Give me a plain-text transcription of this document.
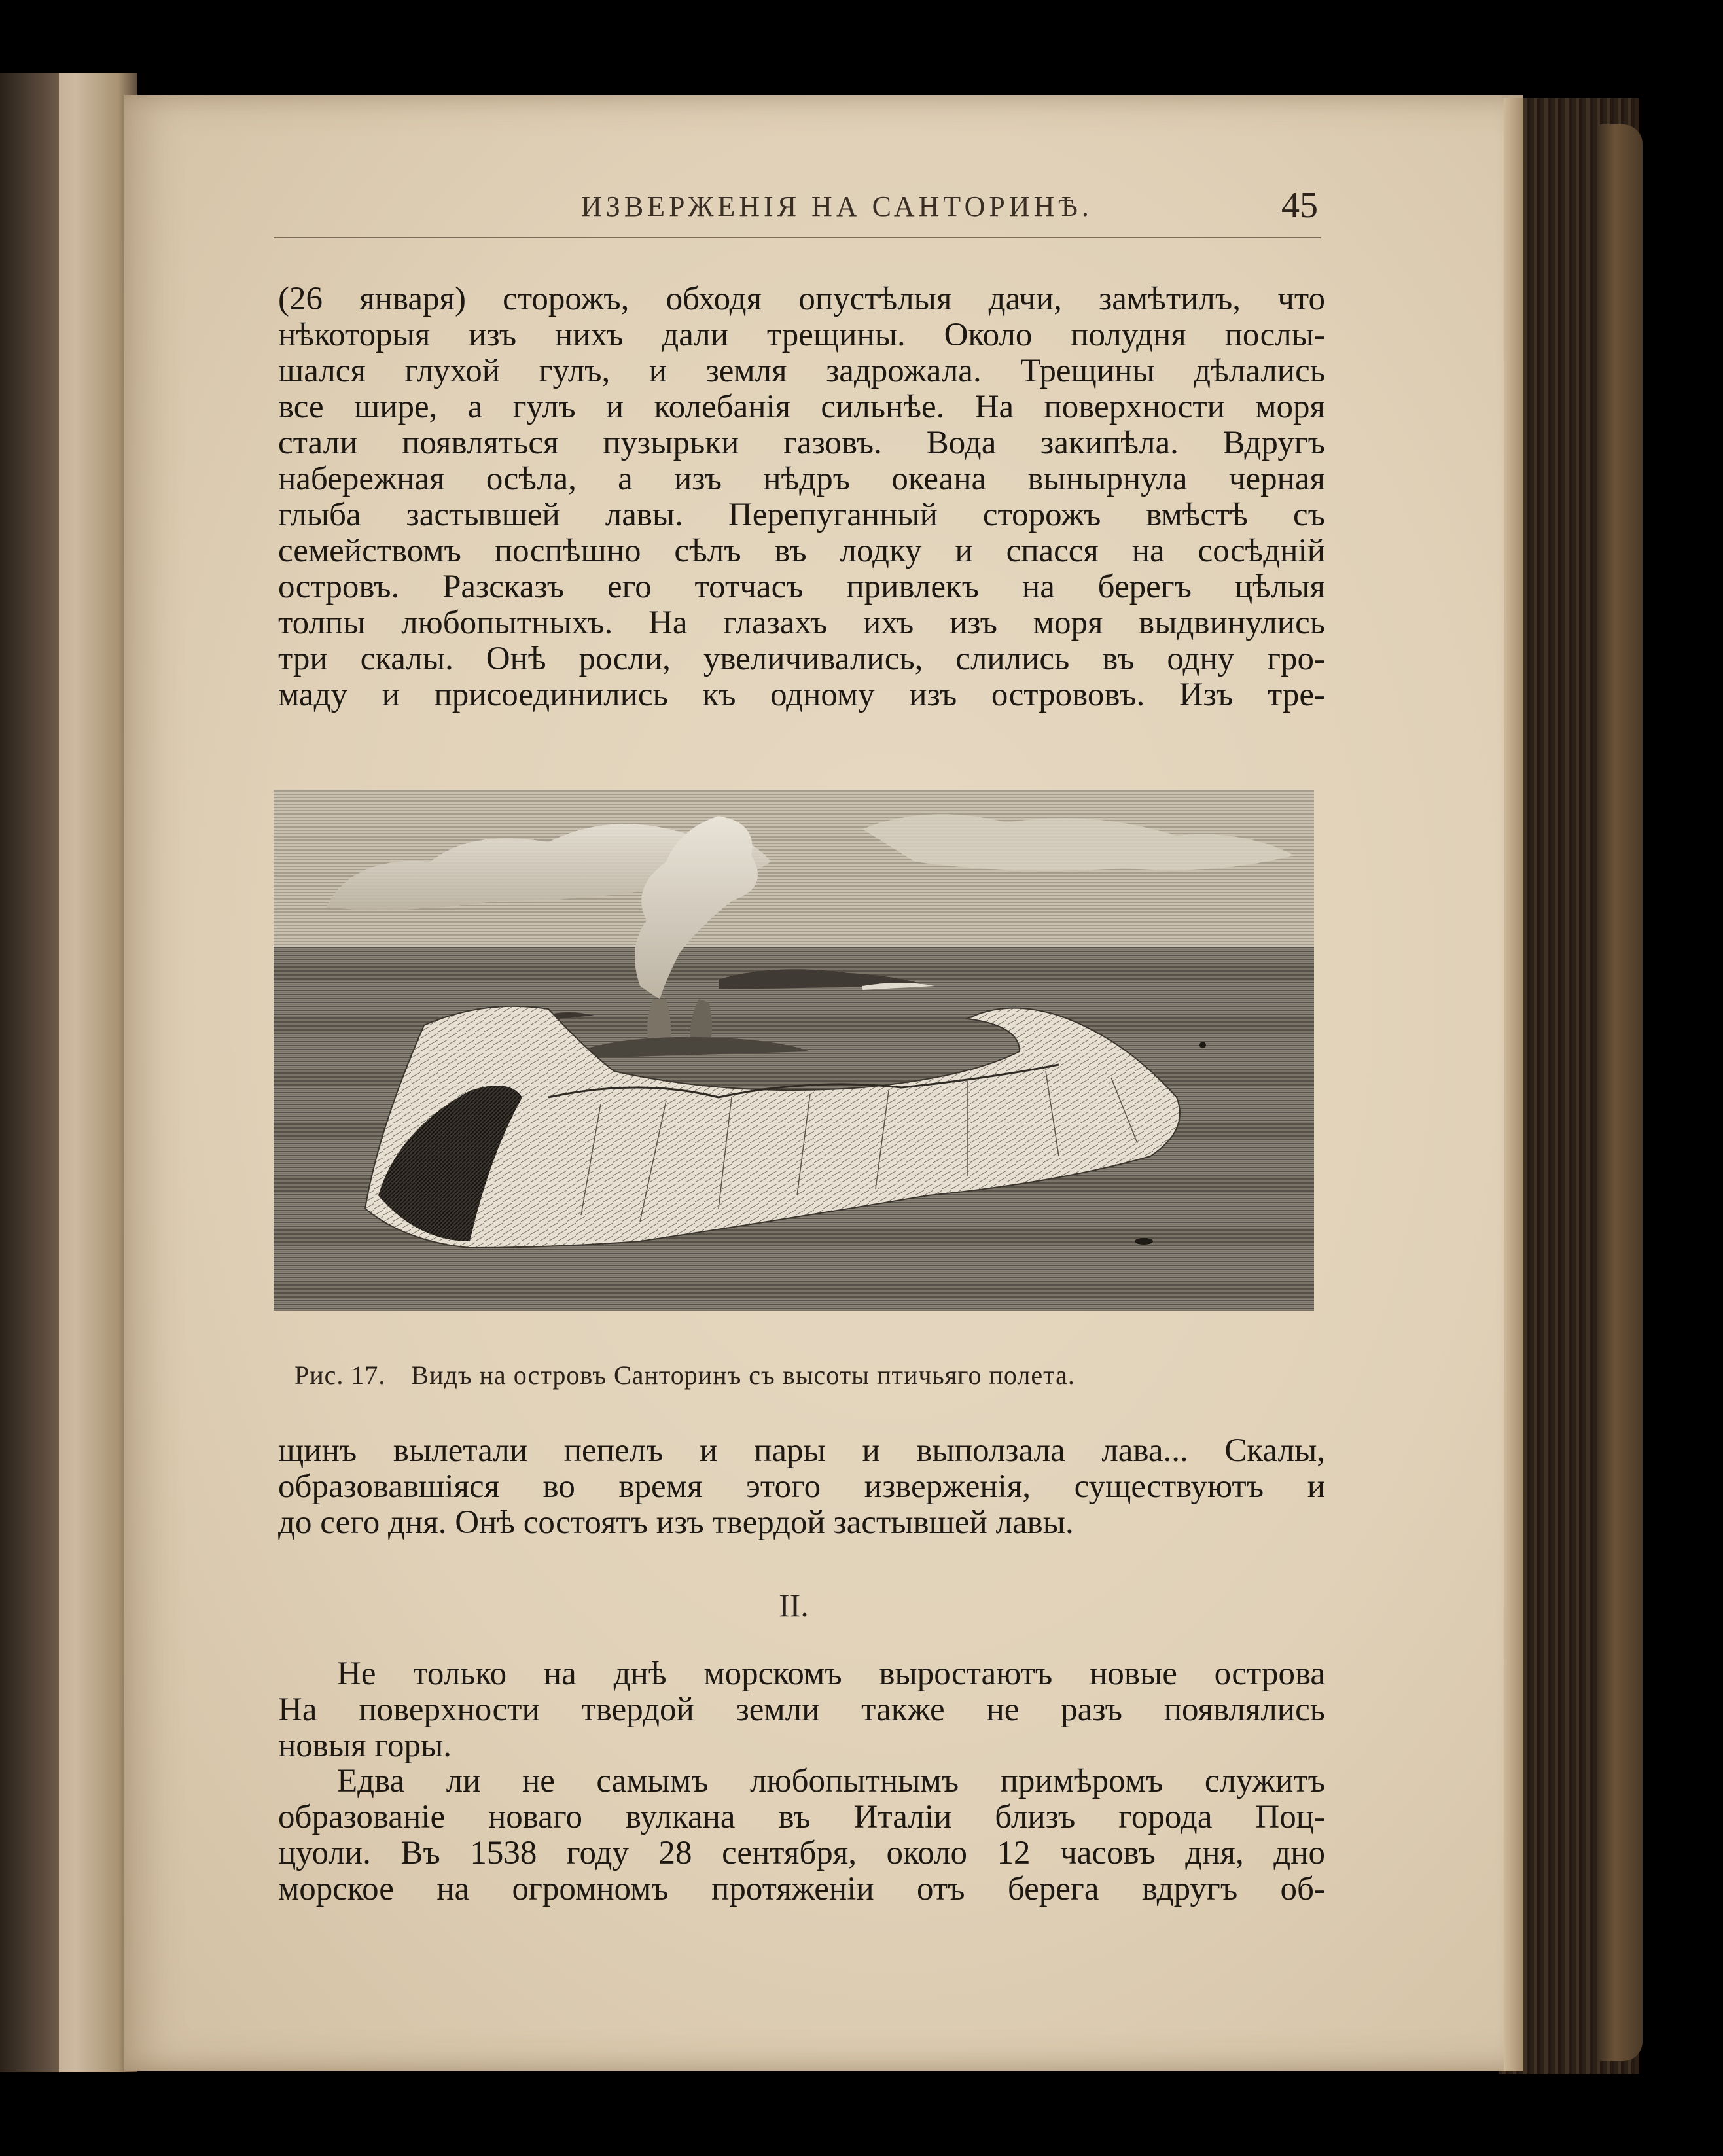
ИЗВЕРЖЕНІЯ НА САНТОРИНѢ.	45
(26 января) сторожъ, обходя опустѣлыя дачи, замѣтилъ, что
нѣкоторыя изъ нихъ дали трещины. Около полудня послы-
шался глухой гулъ, и земля задрожала. Трещины дѣлались
все шире, а гулъ и колебанія сильнѣе. На поверхности моря
стали появляться пузырьки газовъ. Вода закипѣла. Вдругъ
набережная осѣла, а изъ нѣдръ океана вынырнула черная
глыба застывшей лавы. Перепуганный сторожъ вмѣстѣ съ
семействомъ поспѣшно сѣлъ въ лодку и спасся на сосѣдній
островъ. Разсказъ его тотчасъ привлекъ на берегъ цѣлыя
толпы любопытныхъ. На глазахъ ихъ изъ моря выдвинулись
три скалы. Онѣ росли, увеличивались, слились въ одну гро-
маду и присоединились къ одному изъ острововъ. Изъ тре-
Рис. 17. Видъ на островъ Санторинъ съ высоты птичьяго полета.
щинъ вылетали пепелъ и пары и выползала лава... Скалы,
образовавшіяся во время этого изверженія, существуютъ и
до сего дня. Онѣ состоятъ изъ твердой застывшей лавы.
II.
Не только на днѣ морскомъ выростаютъ новые острова
На поверхности твердой земли также не разъ появлялись
новыя горы.
Едва ли не самымъ любопытнымъ примѣромъ служитъ
образованіе новаго вулкана въ Италіи близъ города Поц-
цуоли. Въ 1538 году 28 сентября, около 12 часовъ дня, дно
морское на огромномъ протяженіи отъ берега вдругъ об-
